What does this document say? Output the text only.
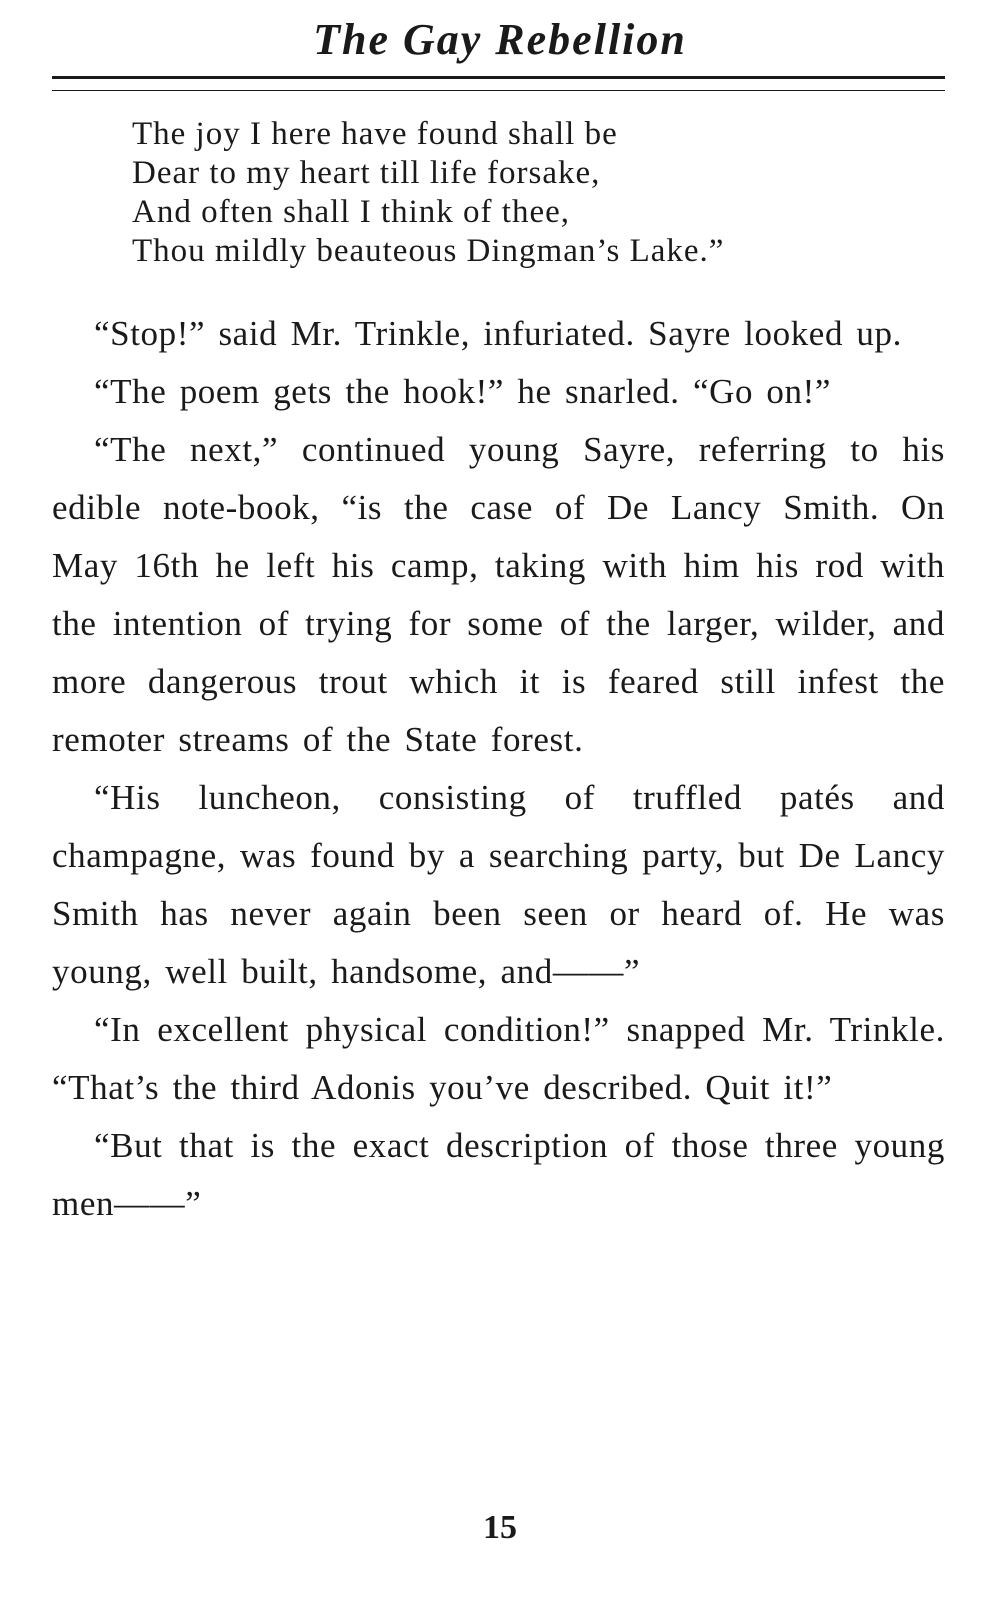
The Gay Rebellion
The joy I here have found shall be
Dear to my heart till life forsake,
And often shall I think of thee,
Thou mildly beauteous Dingman’s Lake.”

“Stop!” said Mr. Trinkle, infuriated. Sayre looked up.

“The poem gets the hook!” he snarled. “Go on!”

“The next,” continued young Sayre, referring to his edible note-book, “is the case of De Lancy Smith. On May 16th he left his camp, taking with him his rod with the intention of trying for some of the larger, wilder, and more dangerous trout which it is feared still infest the remoter streams of the State forest.

“His luncheon, consisting of truffled patés and champagne, was found by a searching party, but De Lancy Smith has never again been seen or heard of. He was young, well built, handsome, and——”

“In excellent physical condition!” snapped Mr. Trinkle. “That’s the third Adonis you’ve described. Quit it!”

“But that is the exact description of those three young men——”

15
